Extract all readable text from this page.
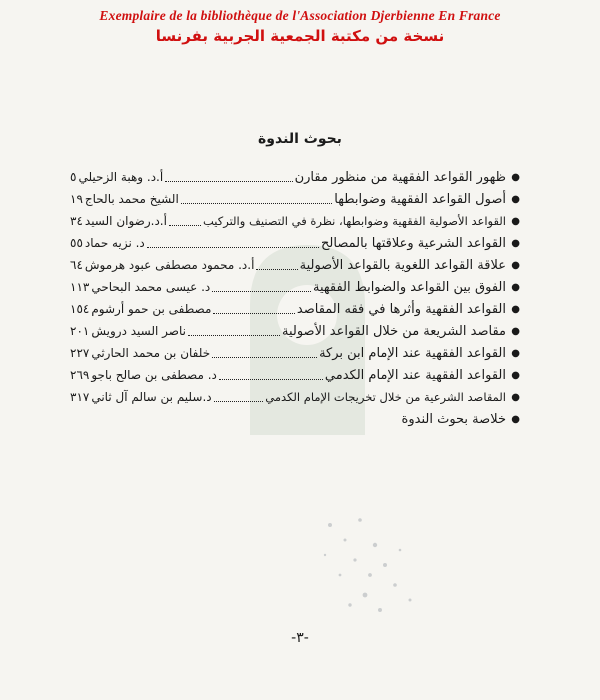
Exemplaire de la bibliothèque de l'Association Djerbienne En France
نسخة من مكتبة الجمعية الجربية بفرنسا
بحوث الندوة
●
ظهور القواعد الفقهية من منظور مقارن
أ.د. وهبة الزحيلي
٥
●
أصول القواعد الفقهية وضوابطها
الشيخ محمد بالحاج
١٩
●
القواعد الأصولية الفقهية وضوابطها، نظرة في التصنيف والتركيب
أ.د.رضوان السيد
٣٤
●
القواعد الشرعية وعلاقتها بالمصالح
د. نزيه حماد
٥٥
●
علاقة القواعد اللغوية بالقواعد الأصولية
أ.د. محمود مصطفى عبود هرموش
٦٤
●
الفوق بين القواعد والضوابط الفقهية
د. عيسى محمد البحاحي
١١٣
●
القواعد الفقهية وأثرها في فقه المقاصد
مصطفى بن حمو أرشوم
١٥٤
●
مقاصد الشريعة من خلال القواعد الأصولية
ناصر السيد درويش
٢٠١
●
القواعد الفقهية عند الإمام ابن بركة
خلفان بن محمد الحارثي
٢٢٧
●
القواعد الفقهية عند الإمام الكدمي
د. مصطفى بن صالح باجو
٢٦٩
●
المقاصد الشرعية من خلال تخريجات الإمام الكدمي
د.سليم بن سالم آل ثاني
٣١٧
●
خلاصة بحوث الندوة
-٣-
